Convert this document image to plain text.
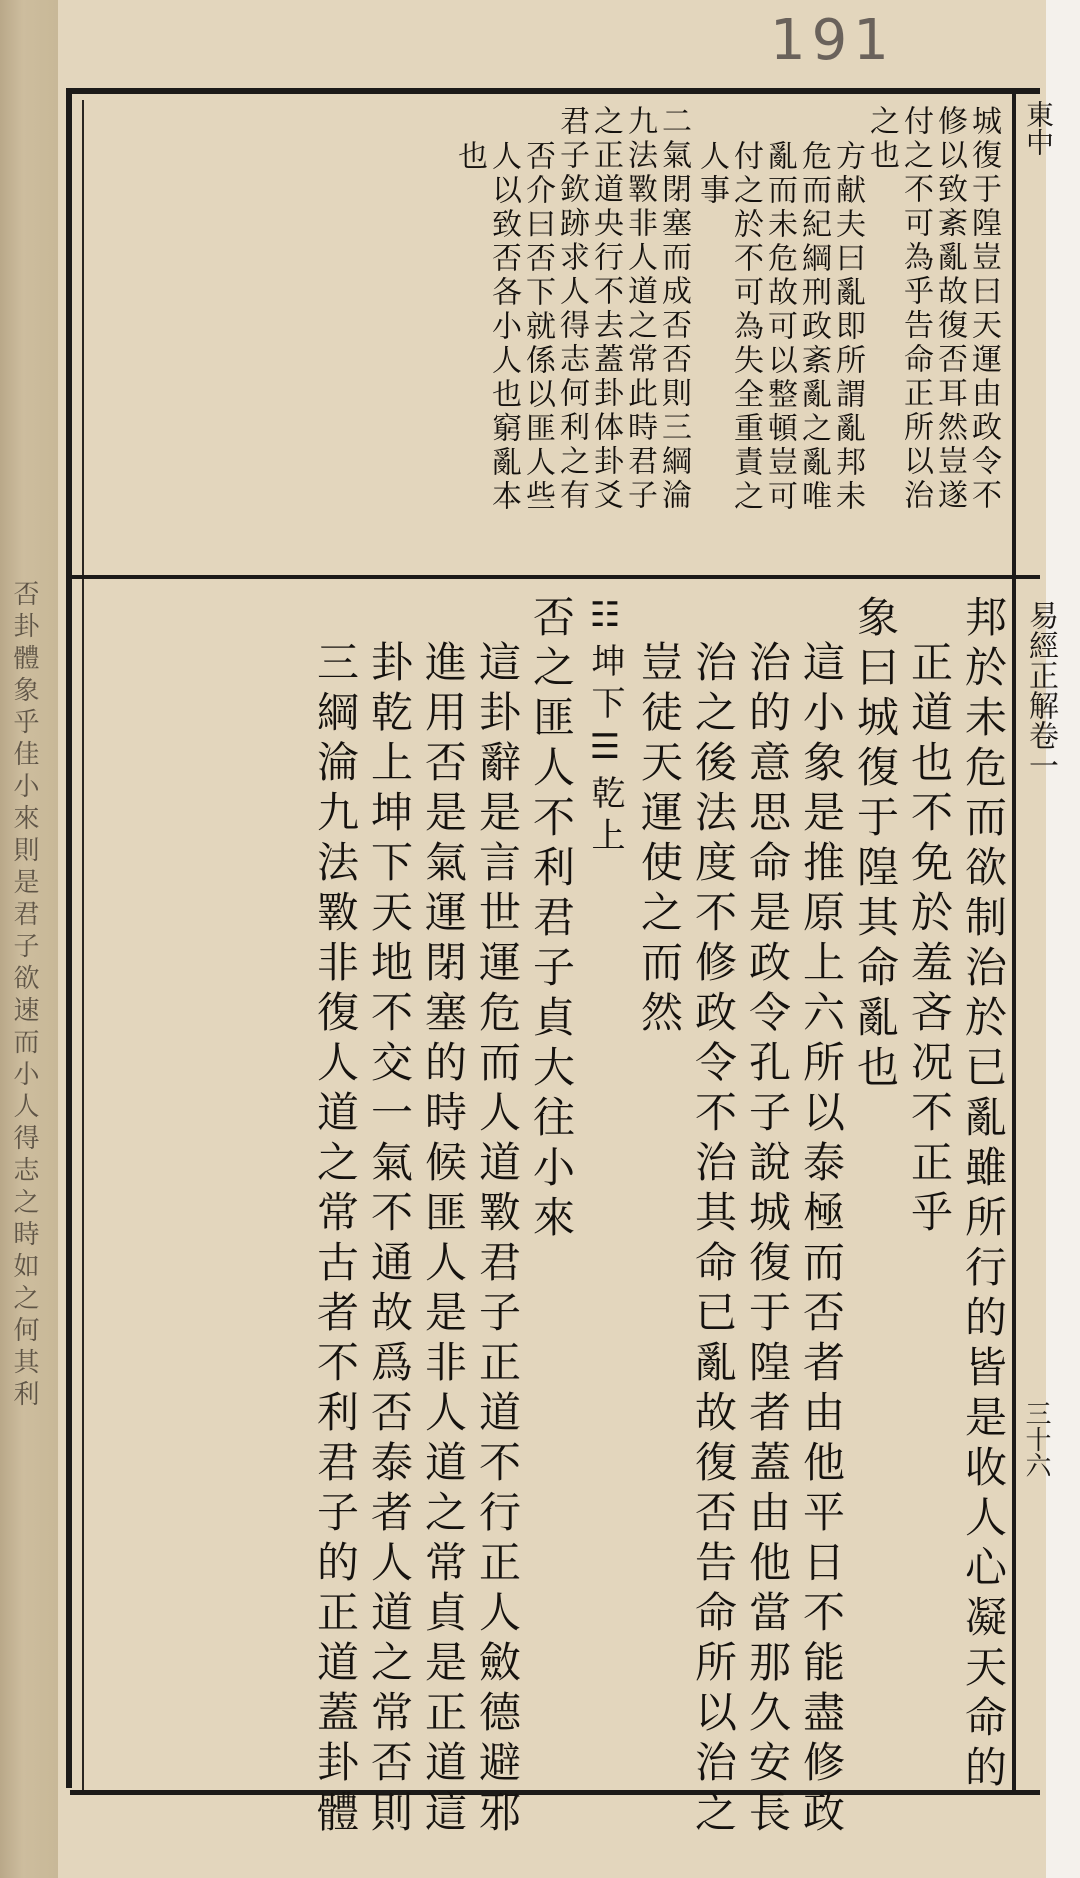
否卦體象乎佳小來則是君子欲速而小人得志之時如之何其利
191
東中
易經正解卷一
三十六
城復于隍豈曰天運由政令不
修以致紊亂故復否耳然豈遂
付之不可為乎告命正所以治
之也
方献夫曰亂即所謂亂邦未
危而紀綱刑政紊亂之亂唯
亂而未危故可以整頓豈可
付之於不可為失全重責之
人事
二氣閉塞而成否否則三綱淪
九法斁非人道之常此時君子
之正道央行不去蓋卦体卦爻
君子欽跡求人得志何利之有
否介曰否下就係以匪人些
人以致否各小人也窮亂本
也
邦於未危而欲制治於已亂雖所行的皆是收人心凝天命的
正道也不免於羞吝况不正乎
象曰城復于隍其命亂也
這小象是推原上六所以泰極而否者由他平日不能盡修政
治的意思命是政令孔子說城復于隍者蓋由他當那久安長
治之後法度不修政令不治其命已亂故復否告命所以治之
豈徒天運使之而然
☷坤下☰乾上
否之匪人不利君子貞大往小來
這卦辭是言世運危而人道斁君子正道不行正人斂德避邪
進用否是氣運閉塞的時候匪人是非人道之常貞是正道這
卦乾上坤下天地不交一氣不通故爲否泰者人道之常否則
三綱淪九法斁非復人道之常古者不利君子的正道蓋卦體
